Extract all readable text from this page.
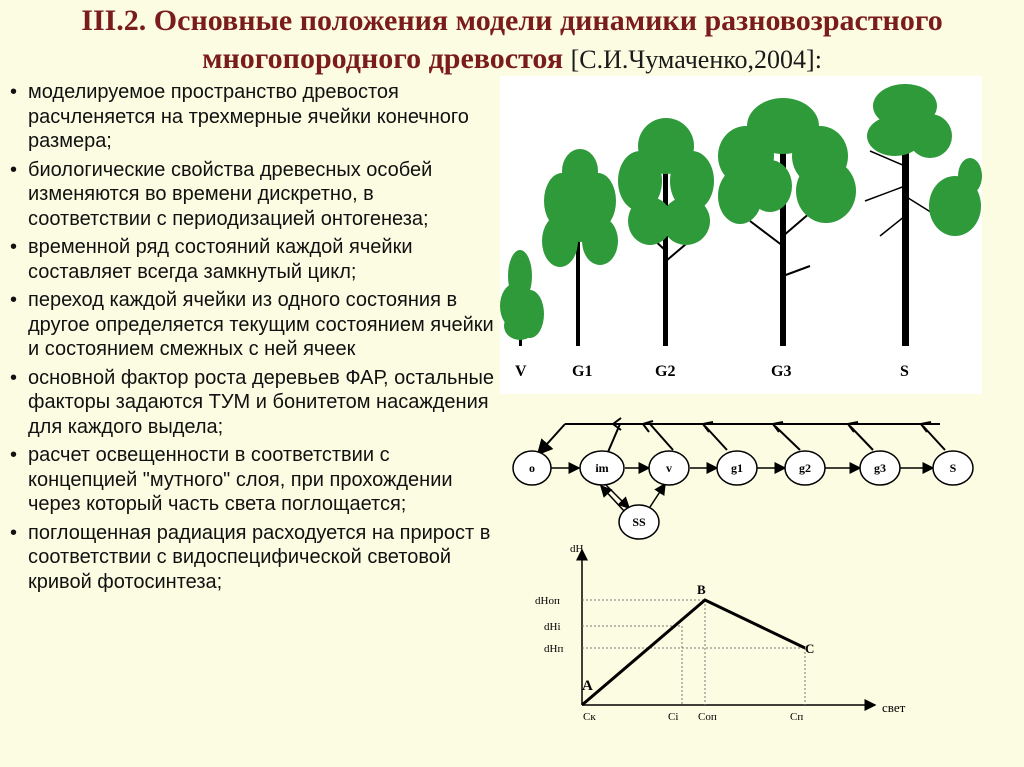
III.2. Основные положения модели динамики разновозрастного
многопородного древостоя [С.И.Чумаченко,2004]:
• моделируемое пространство древостоя расчленяется на трехмерные ячейки конечного размера;
• биологические свойства древесных особей изменяются во времени дискретно, в соответствии с периодизацией онтогенеза;
• временной ряд состояний каждой ячейки составляет всегда замкнутый цикл;
• переход каждой ячейки из одного состояния в другое определяется текущим состоянием ячейки и состоянием смежных с ней ячеек
• основной фактор роста деревьев ФАР, остальные факторы задаются ТУМ и бонитетом насаждения для каждого выдела;
• расчет освещенности в соответствии с концепцией "мутного" слоя, при прохождении через который часть света поглощается;
• поглощенная радиация расходуется на прирост в соответствии с видоспецифической световой кривой фотосинтеза;
V	G1	G2	G3	S
o	im	v	g1	g2	g3	S
SS
dH
свет
dHоп
dHi
dHп
Cк	Ci Cоп	Cп
A
B
C
